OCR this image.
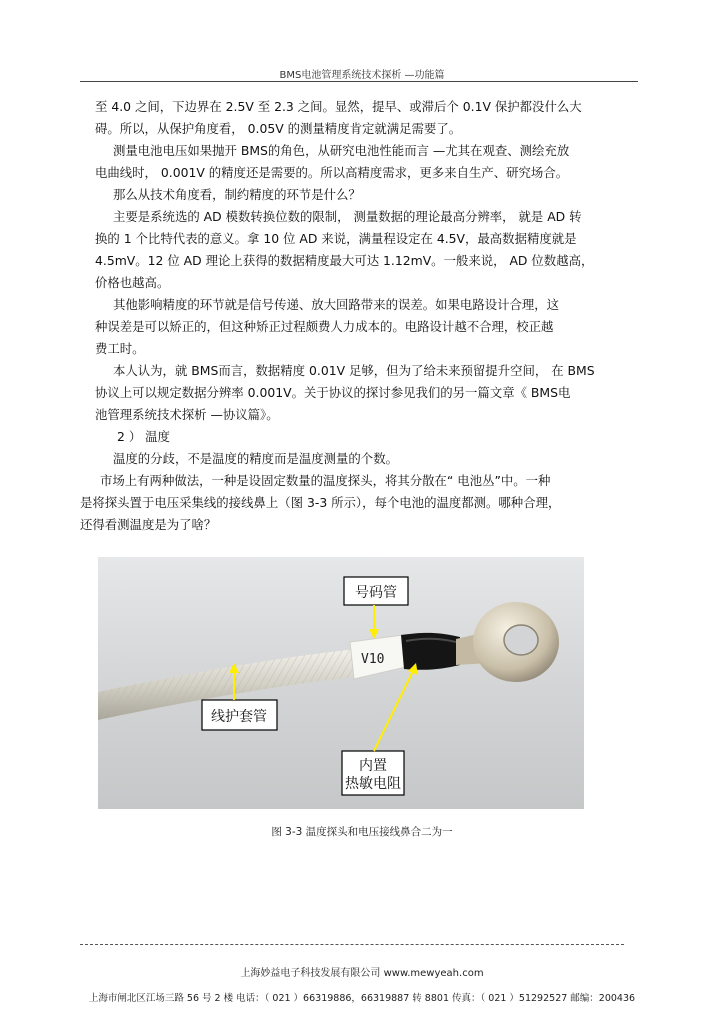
BMS电池管理系统技术探析 —功能篇
至 4.0 之间，下边界在 2.5V 至 2.3 之间。显然，提早、或滞后个 0.1V 保护都没什么大
碍。所以，从保护角度看， 0.05V 的测量精度肯定就满足需要了。
测量电池电压如果抛开 BMS的角色，从研究电池性能而言 —尤其在观查、测绘充放
电曲线时， 0.001V 的精度还是需要的。所以高精度需求，更多来自生产、研究场合。
那么从技术角度看，制约精度的环节是什么？
主要是系统选的 AD 模数转换位数的限制， 测量数据的理论最高分辨率， 就是 AD 转
换的 1 个比特代表的意义。拿 10 位 AD 来说，满量程设定在 4.5V，最高数据精度就是
4.5mV。12 位 AD 理论上获得的数据精度最大可达 1.12mV。一般来说， AD 位数越高，
价格也越高。
其他影响精度的环节就是信号传递、放大回路带来的误差。如果电路设计合理，这
种误差是可以矫正的，但这种矫正过程颇费人力成本的。电路设计越不合理，校正越
费工时。
本人认为，就 BMS而言，数据精度 0.01V 足够，但为了给未来预留提升空间， 在 BMS
协议上可以规定数据分辨率 0.001V。关于协议的探讨参见我们的另一篇文章《 BMS电
池管理系统技术探析 —协议篇》。
2 ） 温度
温度的分歧，不是温度的精度而是温度测量的个数。
市场上有两种做法，一种是设固定数量的温度探头，将其分散在“ 电池丛”中。一种
是将探头置于电压采集线的接线鼻上（图 3-3 所示），每个电池的温度都测。哪种合理，
还得看测温度是为了啥？
V10
号码管
线护套管
内置
热敏电阻
图 3-3 温度探头和电压接线鼻合二为一
上海妙益电子科技发展有限公司 www.mewyeah.com
上海市闸北区江场三路 56 号 2 楼 电话：（ 021 ）66319886，66319887 转 8801 传真：（ 021 ）51292527 邮编：200436
